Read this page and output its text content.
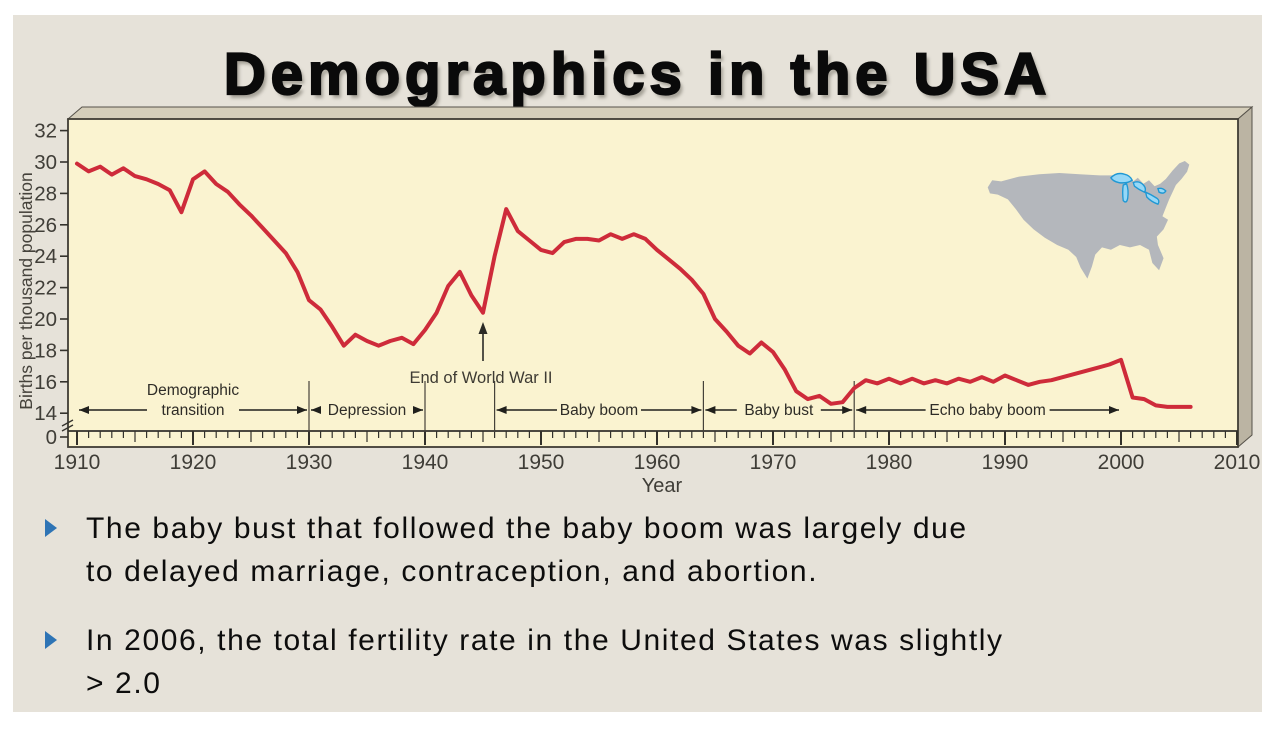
Demographics in the USA
32
30
28
26
24
22
20
18
16
14
0
Births per thousand population
1910	1920	1930	1940	1950	1960	1970	1980	1990	2000	2010
Year
Demographic
transition	Depression	Baby boom	Baby bust	Echo baby boom
End of World War II
The baby bust that followed the baby boom was largely due
to delayed marriage, contraception, and abortion.
In 2006, the total fertility rate in the United States was slightly
> 2.0
